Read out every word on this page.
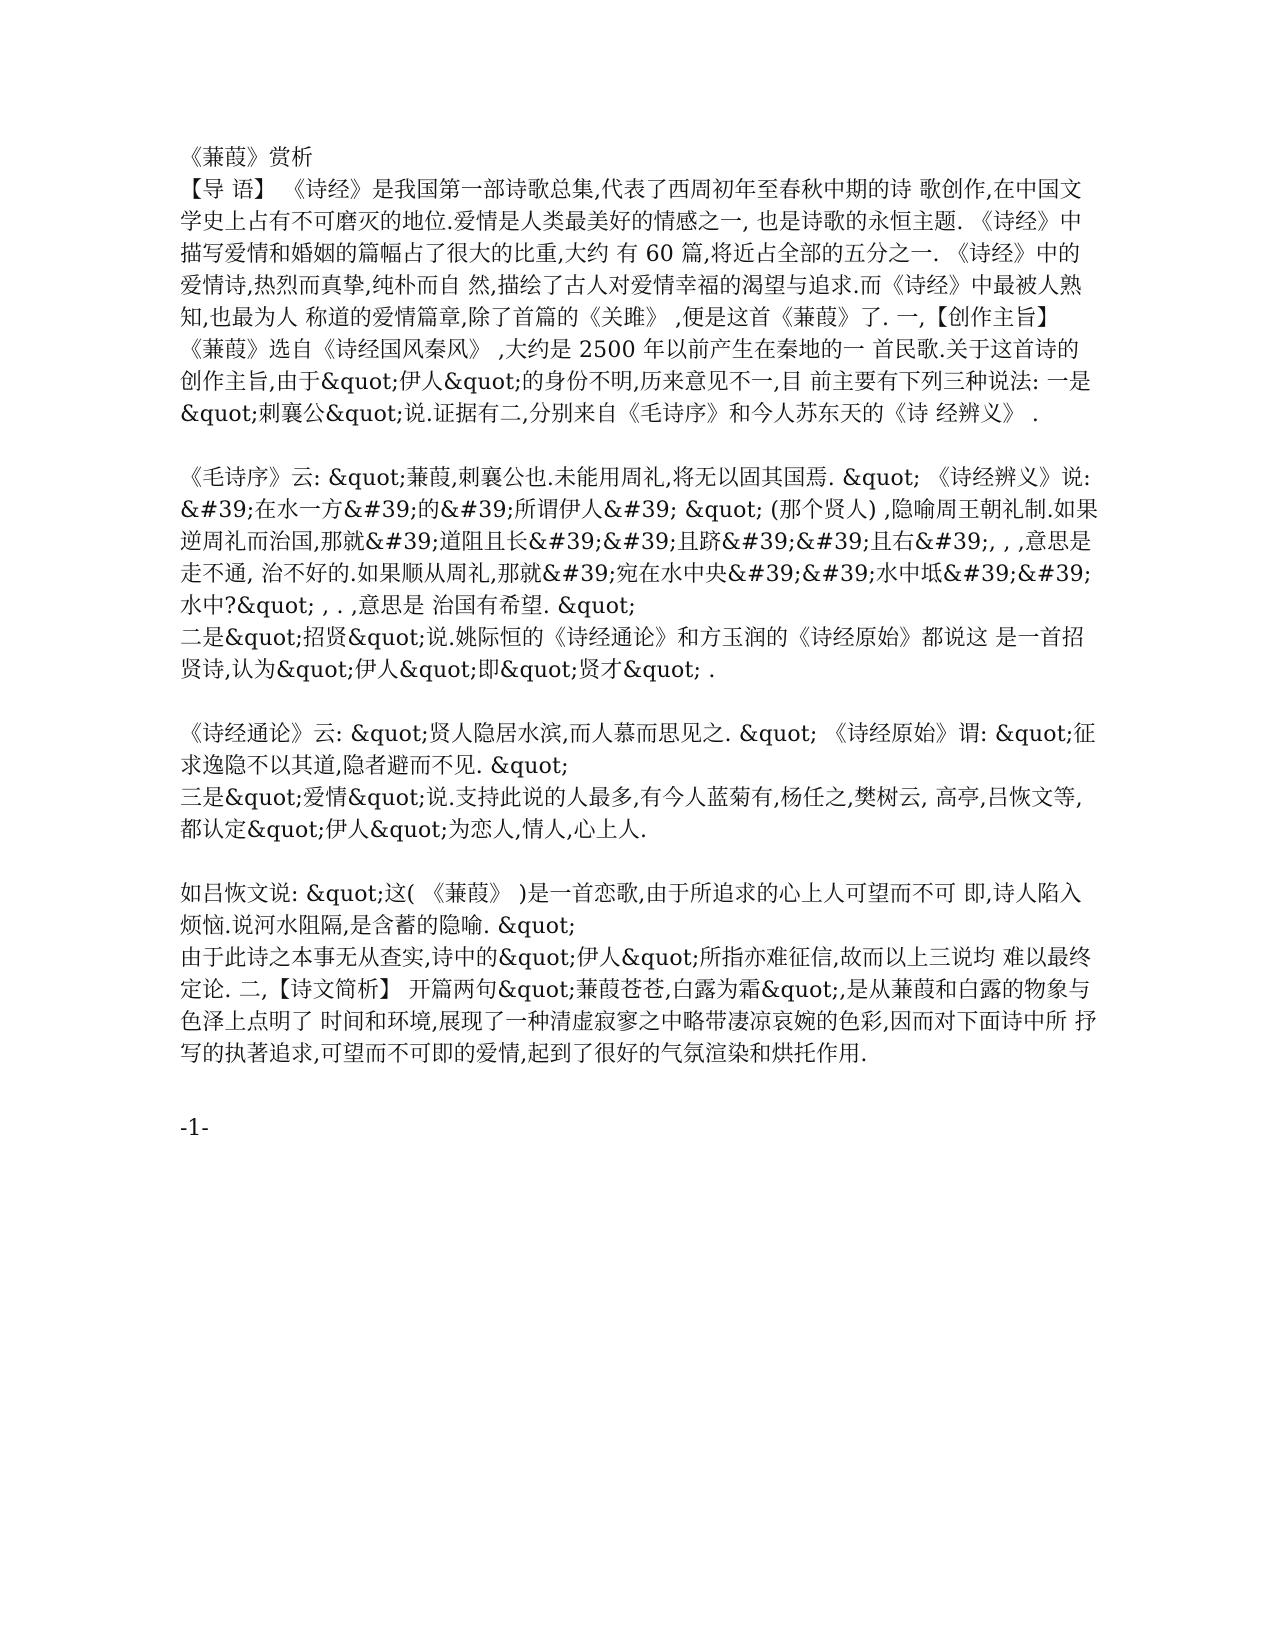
《蒹葭》赏析

【导 语】 《诗经》是我国第一部诗歌总集,代表了西周初年至春秋中期的诗 歌创作,在中国文学史上占有不可磨灭的地位.爱情是人类最美好的情感之一, 也是诗歌的永恒主题. 《诗经》中描写爱情和婚姻的篇幅占了很大的比重,大约 有 60 篇,将近占全部的五分之一. 《诗经》中的爱情诗,热烈而真挚,纯朴而自 然,描绘了古人对爱情幸福的渴望与追求.而《诗经》中最被人熟知,也最为人 称道的爱情篇章,除了首篇的《关雎》 ,便是这首《蒹葭》了. 一,【创作主旨】 《蒹葭》选自《诗经国风秦风》 ,大约是 2500 年以前产生在秦地的一 首民歌.关于这首诗的创作主旨,由于&quot;伊人&quot;的身份不明,历来意见不一,目 前主要有下列三种说法: 一是&quot;刺襄公&quot;说.证据有二,分别来自《毛诗序》和今人苏东天的《诗 经辨义》 .

《毛诗序》云: &quot;蒹葭,刺襄公也.未能用周礼,将无以固其国焉. &quot; 《诗经辨义》说:&#39;在水一方&#39;的&#39;所谓伊人&#39; &quot; (那个贤人) ,隐喻周王朝礼制.如果逆周礼而治国,那就&#39;道阻且长&#39;&#39;且跻&#39;&#39;且右&#39;, , ,意思是走不通, 治不好的.如果顺从周礼,那就&#39;宛在水中央&#39;&#39;水中坻&#39;&#39;水中?&quot; , . ,意思是 治国有希望. &quot;

二是&quot;招贤&quot;说.姚际恒的《诗经通论》和方玉润的《诗经原始》都说这 是一首招贤诗,认为&quot;伊人&quot;即&quot;贤才&quot; .

《诗经通论》云: &quot;贤人隐居水滨,而人慕而思见之. &quot; 《诗经原始》谓: &quot;征求逸隐不以其道,隐者避而不见. &quot;

三是&quot;爱情&quot;说.支持此说的人最多,有今人蓝菊有,杨任之,樊树云, 高亭,吕恢文等,都认定&quot;伊人&quot;为恋人,情人,心上人.

如吕恢文说: &quot;这( 《蒹葭》 )是一首恋歌,由于所追求的心上人可望而不可 即,诗人陷入烦恼.说河水阻隔,是含蓄的隐喻. &quot;

由于此诗之本事无从查实,诗中的&quot;伊人&quot;所指亦难征信,故而以上三说均 难以最终定论. 二,【诗文简析】 开篇两句&quot;蒹葭苍苍,白露为霜&quot;,是从蒹葭和白露的物象与色泽上点明了 时间和环境,展现了一种清虚寂寥之中略带凄凉哀婉的色彩,因而对下面诗中所 抒写的执著追求,可望而不可即的爱情,起到了很好的气氛渲染和烘托作用.

-1-
